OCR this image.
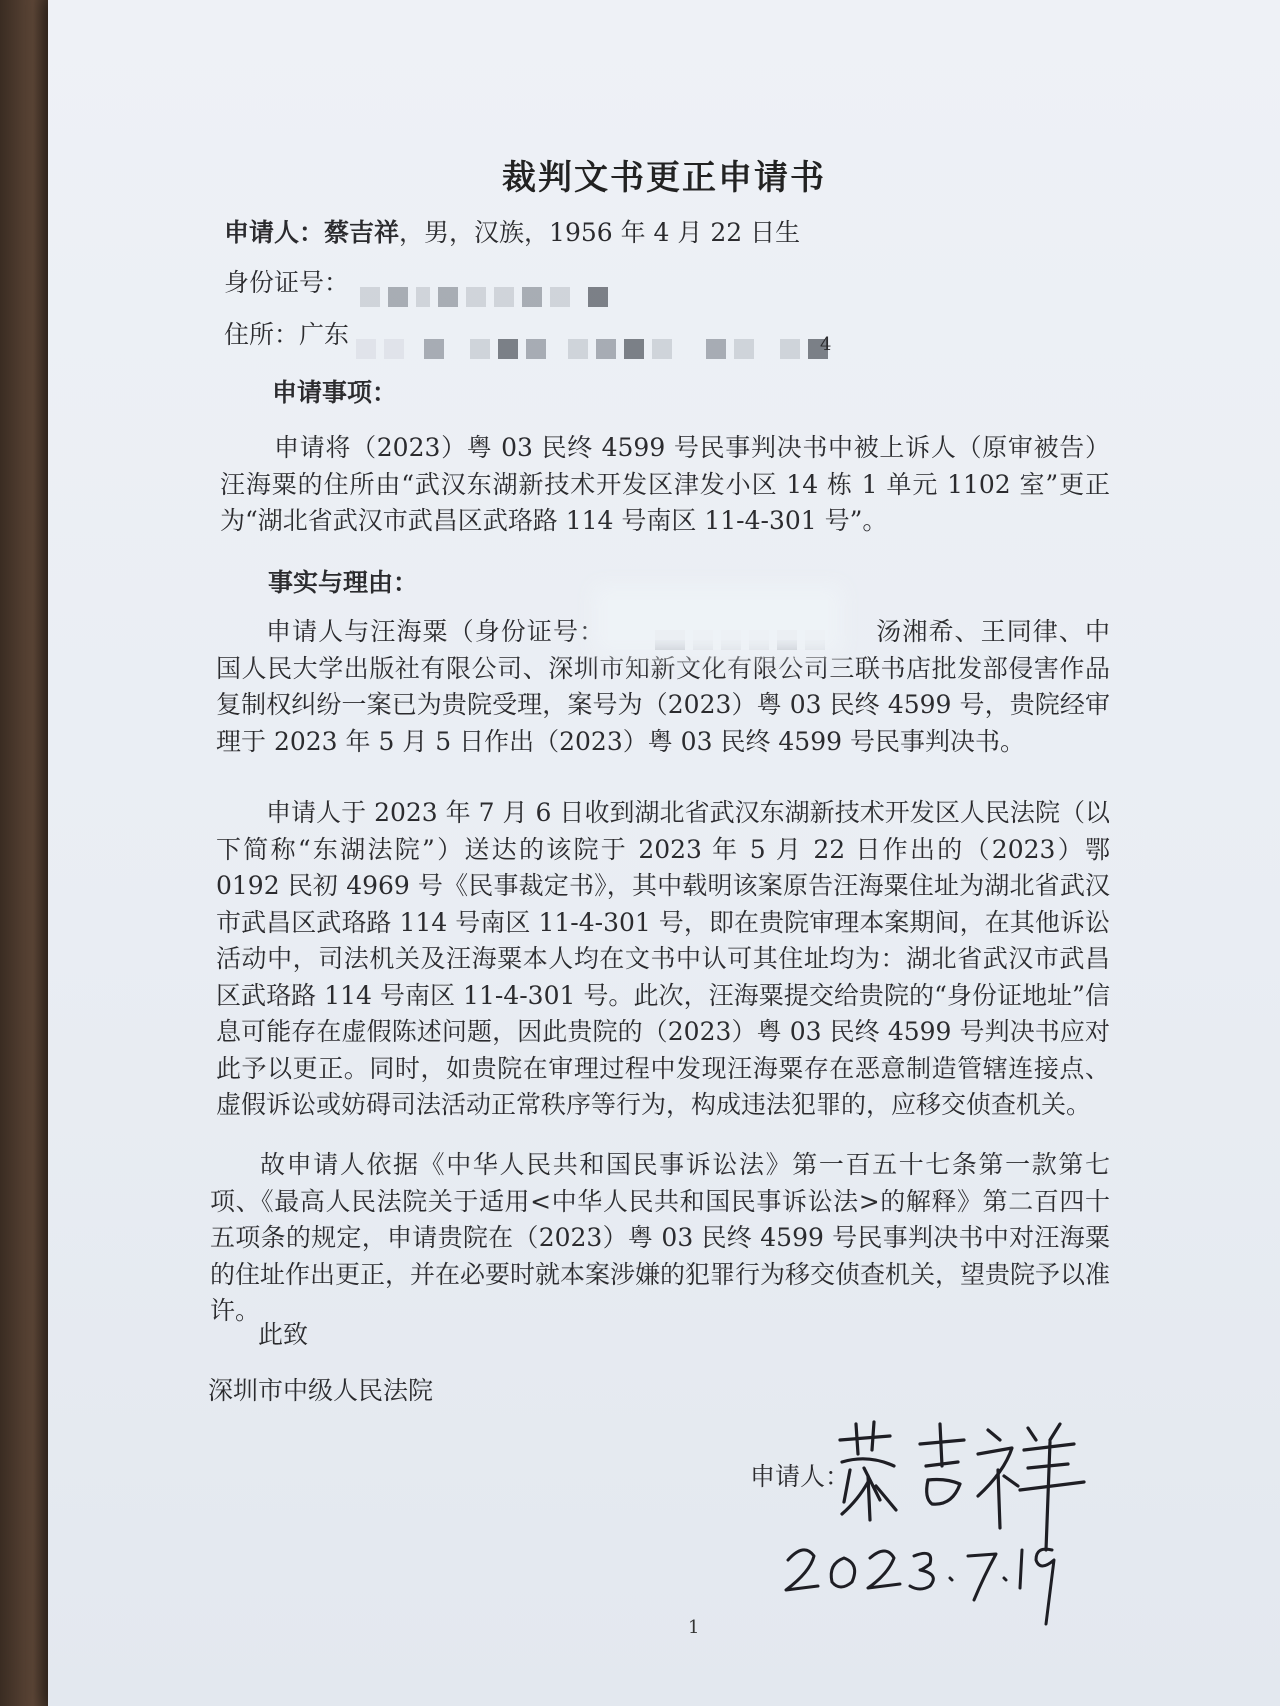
裁判文书更正申请书
申请人：蔡吉祥，男，汉族，1956 年 4 月 22 日生
身份证号：
住所：广东	4
申请事项：
申请将（2023）粤 03 民终 4599 号民事判决书中被上诉人（原审被告）汪海粟的住所由“武汉东湖新技术开发区津发小区 14 栋 1 单元 1102 室”更正为“湖北省武汉市武昌区武珞路 114 号南区 11-4-301 号”。
事实与理由：
申请人与汪海粟（身份证号：	汤湘希、王同律、中国人民大学出版社有限公司、深圳市知新文化有限公司三联书店批发部侵害作品复制权纠纷一案已为贵院受理，案号为（2023）粤 03 民终 4599 号，贵院经审理于 2023 年 5 月 5 日作出（2023）粤 03 民终 4599 号民事判决书。
申请人于 2023 年 7 月 6 日收到湖北省武汉东湖新技术开发区人民法院（以下简称“东湖法院”）送达的该院于 2023 年 5 月 22 日作出的（2023）鄂 0192 民初 4969 号《民事裁定书》，其中载明该案原告汪海粟住址为湖北省武汉市武昌区武珞路 114 号南区 11-4-301 号，即在贵院审理本案期间，在其他诉讼活动中，司法机关及汪海粟本人均在文书中认可其住址均为：湖北省武汉市武昌区武珞路 114 号南区 11-4-301 号。此次，汪海粟提交给贵院的“身份证地址”信息可能存在虚假陈述问题，因此贵院的（2023）粤 03 民终 4599 号判决书应对此予以更正。同时，如贵院在审理过程中发现汪海粟存在恶意制造管辖连接点、虚假诉讼或妨碍司法活动正常秩序等行为，构成违法犯罪的，应移交侦查机关。
故申请人依据《中华人民共和国民事诉讼法》第一百五十七条第一款第七项、《最高人民法院关于适用<中华人民共和国民事诉讼法>的解释》第二百四十五项条的规定，申请贵院在（2023）粤 03 民终 4599 号民事判决书中对汪海粟的住址作出更正，并在必要时就本案涉嫌的犯罪行为移交侦查机关，望贵院予以准许。
此致
深圳市中级人民法院
申请人：
1
